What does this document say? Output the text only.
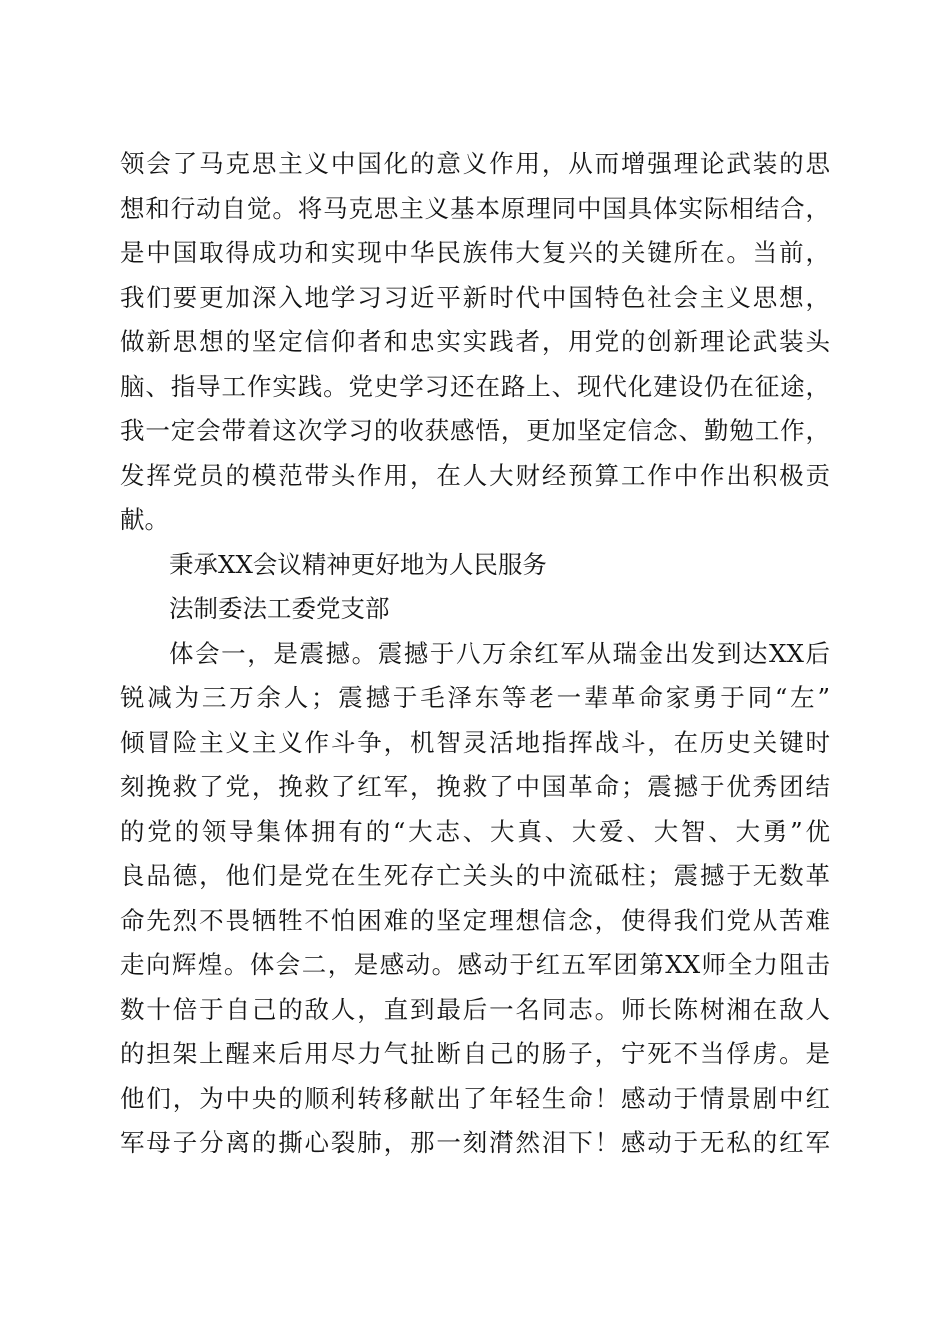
领会了马克思主义中国化的意义作用，从而增强理论武装的思
想和行动自觉。将马克思主义基本原理同中国具体实际相结合，
是中国取得成功和实现中华民族伟大复兴的关键所在。当前，
我们要更加深入地学习习近平新时代中国特色社会主义思想，
做新思想的坚定信仰者和忠实实践者，用党的创新理论武装头
脑、指导工作实践。党史学习还在路上、现代化建设仍在征途，
我一定会带着这次学习的收获感悟，更加坚定信念、勤勉工作，
发挥党员的模范带头作用，在人大财经预算工作中作出积极贡
献。
秉承XX会议精神更好地为人民服务
法制委法工委党支部
体会一，是震撼。震撼于八万余红军从瑞金出发到达XX后
锐减为三万余人；震撼于毛泽东等老一辈革命家勇于同“左”
倾冒险主义主义作斗争，机智灵活地指挥战斗，在历史关键时
刻挽救了党，挽救了红军，挽救了中国革命；震撼于优秀团结
的党的领导集体拥有的“大志、大真、大爱、大智、大勇”优
良品德，他们是党在生死存亡关头的中流砥柱；震撼于无数革
命先烈不畏牺牲不怕困难的坚定理想信念，使得我们党从苦难
走向辉煌。体会二，是感动。感动于红五军团第XX师全力阻击
数十倍于自己的敌人，直到最后一名同志。师长陈树湘在敌人
的担架上醒来后用尽力气扯断自己的肠子，宁死不当俘虏。是
他们，为中央的顺利转移献出了年轻生命！感动于情景剧中红
军母子分离的撕心裂肺，那一刻潸然泪下！感动于无私的红军
